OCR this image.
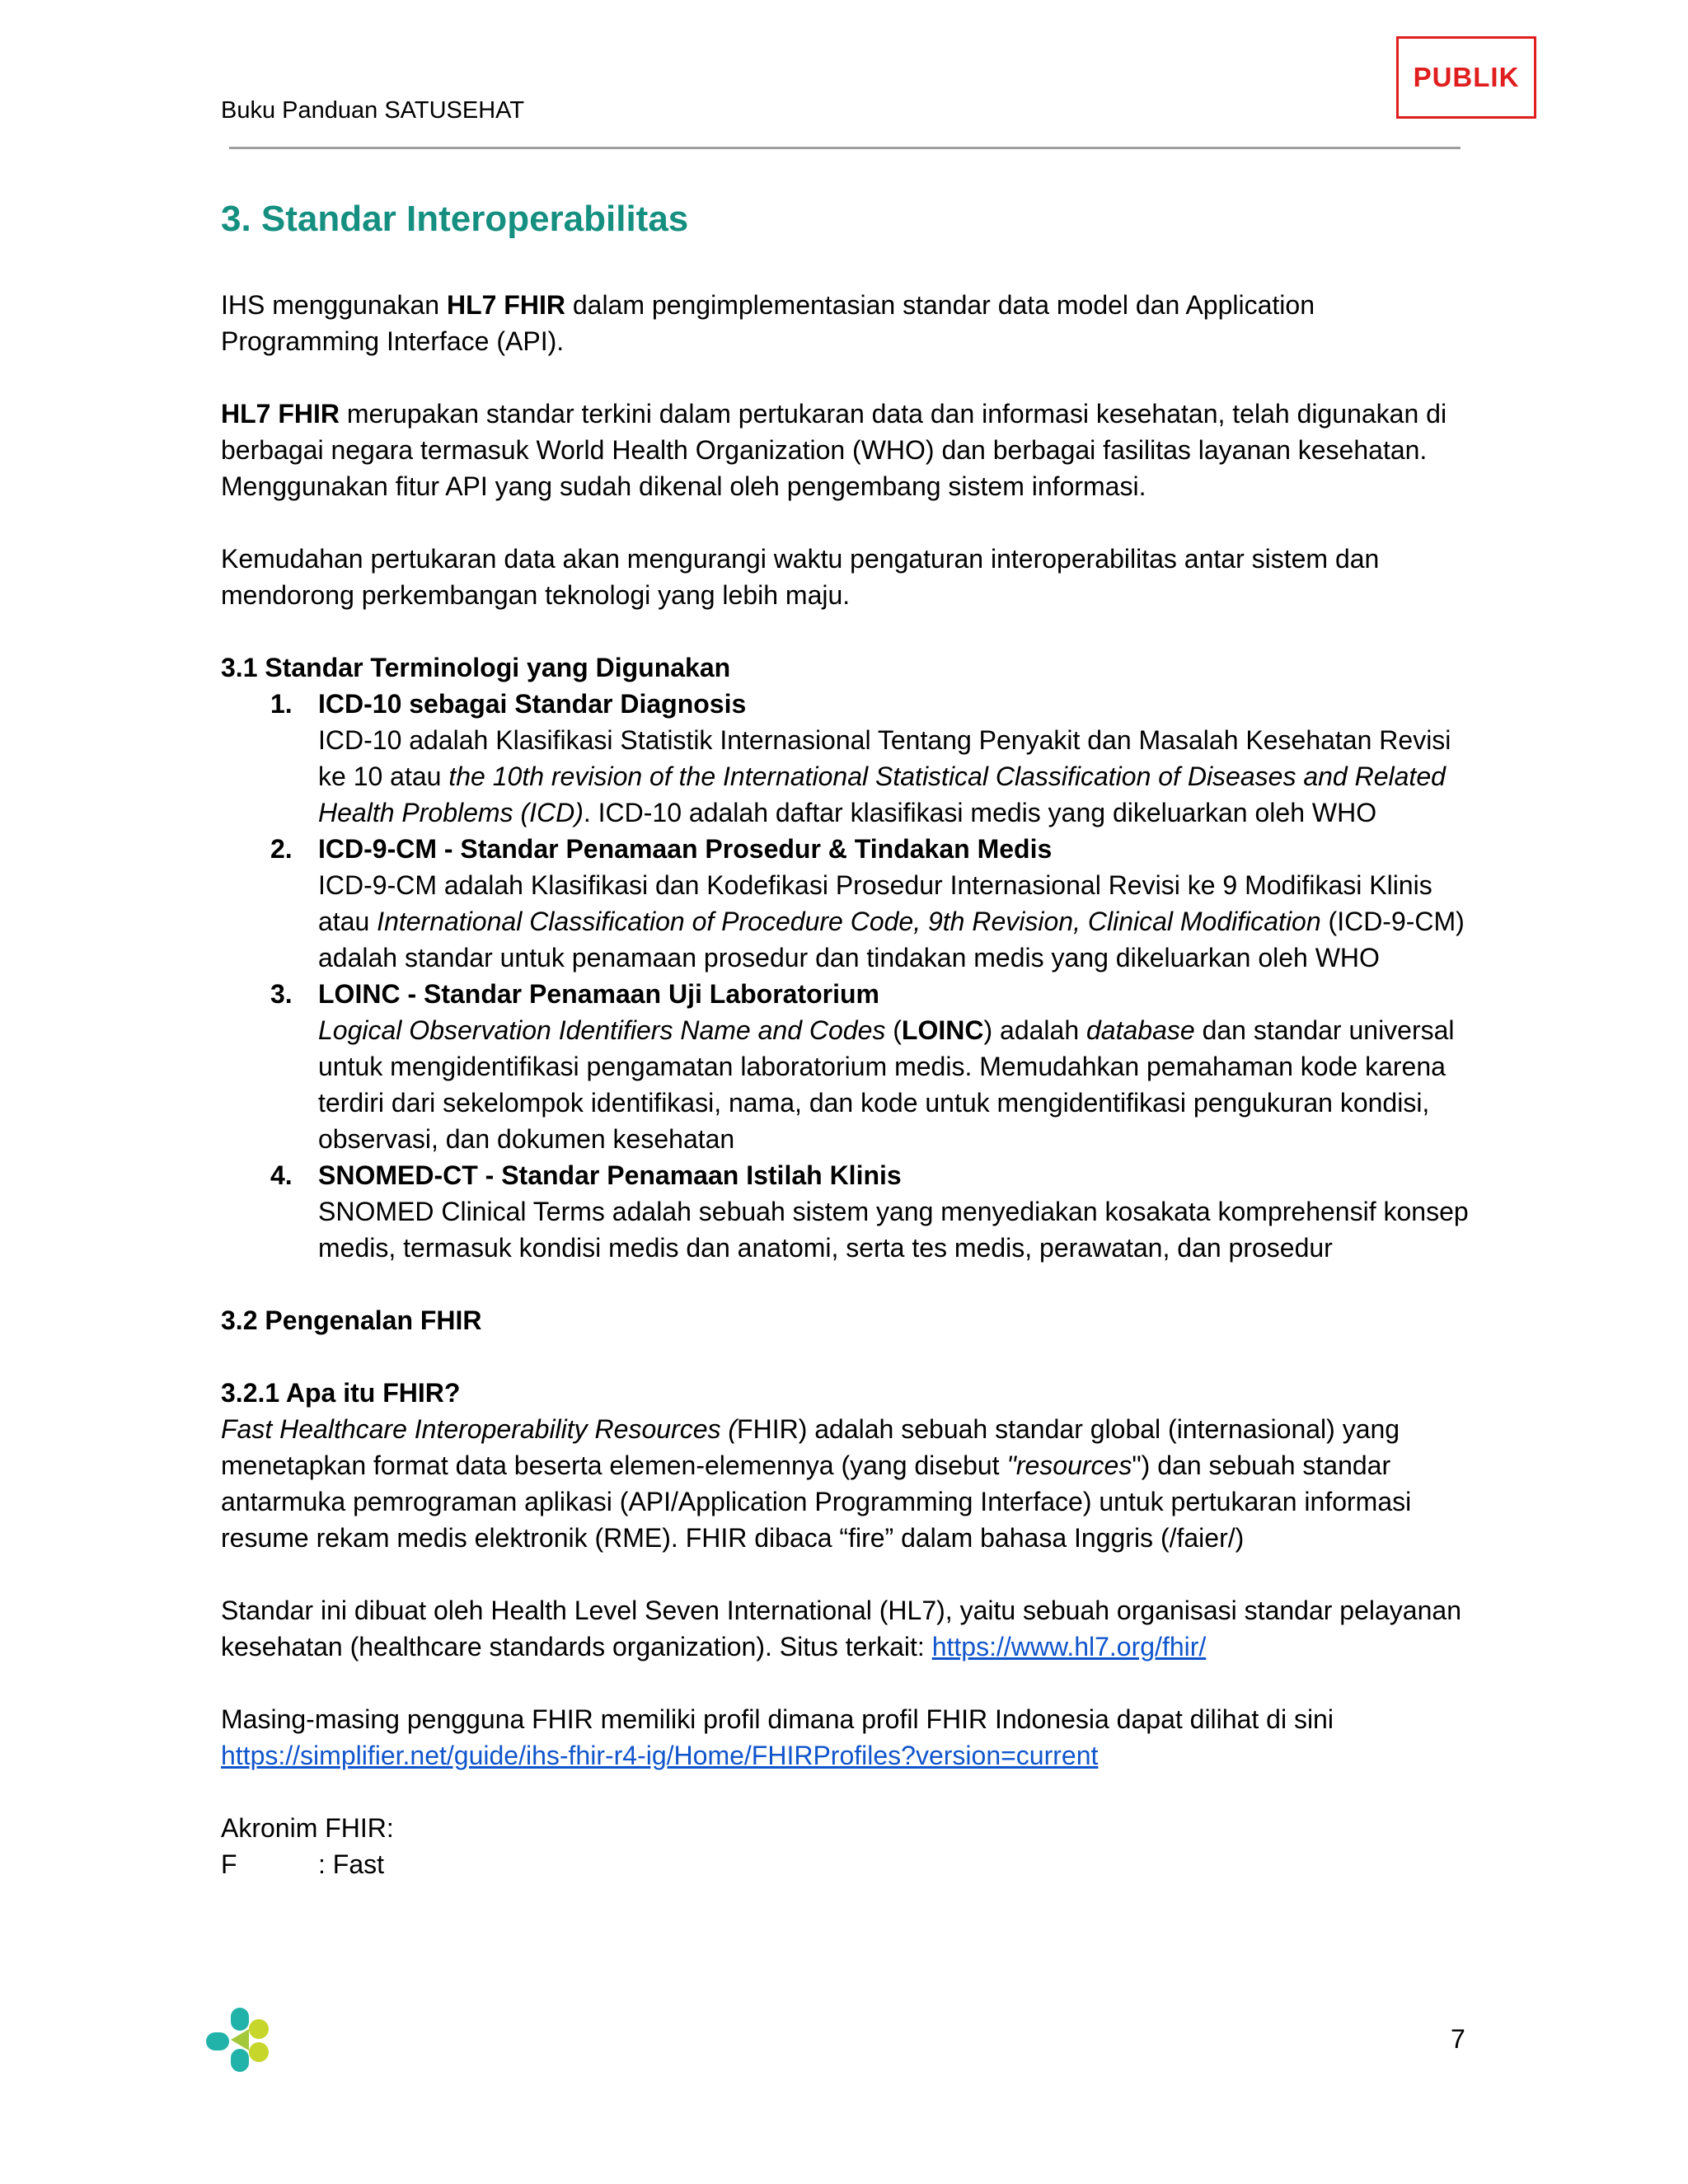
Buku Panduan SATUSEHAT
PUBLIK
3. Standar Interoperabilitas

IHS menggunakan HL7 FHIR dalam pengimplementasian standar data model dan Application Programming Interface (API).

HL7 FHIR merupakan standar terkini dalam pertukaran data dan informasi kesehatan, telah digunakan di berbagai negara termasuk World Health Organization (WHO) dan berbagai fasilitas layanan kesehatan. Menggunakan fitur API yang sudah dikenal oleh pengembang sistem informasi.

Kemudahan pertukaran data akan mengurangi waktu pengaturan interoperabilitas antar sistem dan mendorong perkembangan teknologi yang lebih maju.

3.1 Standar Terminologi yang Digunakan

1. ICD-10 sebagai Standar Diagnosis
ICD-10 adalah Klasifikasi Statistik Internasional Tentang Penyakit dan Masalah Kesehatan Revisi ke 10 atau the 10th revision of the International Statistical Classification of Diseases and Related Health Problems (ICD). ICD-10 adalah daftar klasifikasi medis yang dikeluarkan oleh WHO
2. ICD-9-CM - Standar Penamaan Prosedur & Tindakan Medis
ICD-9-CM adalah Klasifikasi dan Kodefikasi Prosedur Internasional Revisi ke 9 Modifikasi Klinis atau International Classification of Procedure Code, 9th Revision, Clinical Modification (ICD-9-CM) adalah standar untuk penamaan prosedur dan tindakan medis yang dikeluarkan oleh WHO
3. LOINC - Standar Penamaan Uji Laboratorium
Logical Observation Identifiers Name and Codes (LOINC) adalah database dan standar universal untuk mengidentifikasi pengamatan laboratorium medis. Memudahkan pemahaman kode karena terdiri dari sekelompok identifikasi, nama, dan kode untuk mengidentifikasi pengukuran kondisi, observasi, dan dokumen kesehatan
4. SNOMED-CT - Standar Penamaan Istilah Klinis
SNOMED Clinical Terms adalah sebuah sistem yang menyediakan kosakata komprehensif konsep medis, termasuk kondisi medis dan anatomi, serta tes medis, perawatan, dan prosedur

3.2 Pengenalan FHIR

3.2.1 Apa itu FHIR?

Fast Healthcare Interoperability Resources (FHIR) adalah sebuah standar global (internasional) yang menetapkan format data beserta elemen-elemennya (yang disebut "resources") dan sebuah standar antarmuka pemrograman aplikasi (API/Application Programming Interface) untuk pertukaran informasi resume rekam medis elektronik (RME). FHIR dibaca “fire” dalam bahasa Inggris (/faier/)

Standar ini dibuat oleh Health Level Seven International (HL7), yaitu sebuah organisasi standar pelayanan kesehatan (healthcare standards organization). Situs terkait: https://www.hl7.org/fhir/

Masing-masing pengguna FHIR memiliki profil dimana profil FHIR Indonesia dapat dilihat di sini
https://simplifier.net/guide/ihs-fhir-r4-ig/Home/FHIRProfiles?version=current

Akronim FHIR:

F	: Fast
7
